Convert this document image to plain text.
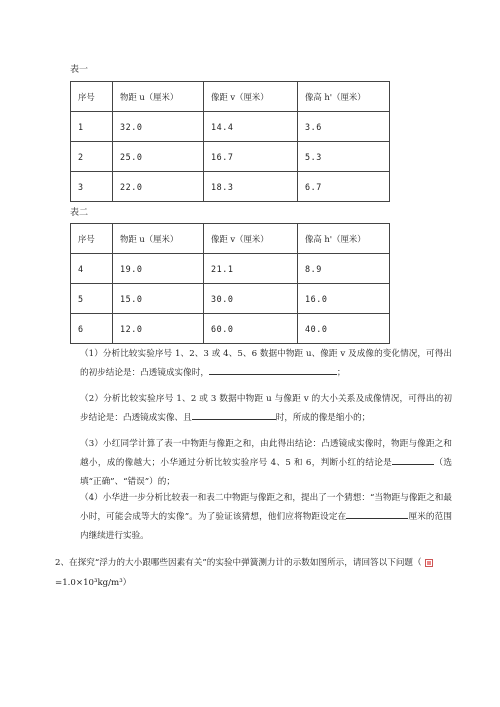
表一
序号	物距 u（厘米）	像距 v（厘米）	像高 h'（厘米）
1	32.0	14.4	3.6
2	25.0	16.7	5.3
3	22.0	18.3	6.7
表二
序号	物距 u（厘米）	像距 v（厘米）	像高 h'（厘米）
4	19.0	21.1	8.9
5	15.0	30.0	16.0
6	12.0	60.0	40.0
（1）分析比较实验序号 1、2、3 或 4、5、6 数据中物距 u、像距 v 及成像的变化情况，可得出的初步结论是：凸透镜成实像时，	；
（2）分析比较实验序号 1、2 或 3 数据中物距 u 与像距 v 的大小关系及成像情况，可得出的初步结论是：凸透镜成实像、且	时，所成的像是缩小的；
（3）小红同学计算了表一中物距与像距之和，由此得出结论：凸透镜成实像时，物距与像距之和越小，成的像越大；小华通过分析比较实验序号 4、5 和 6，判断小红的结论是	（选填“正确”、“错误”）的；
（4）小华进一步分析比较表一和表二中物距与像距之和，提出了一个猜想：“当物距与像距之和最小时，可能会成等大的实像”。为了验证该猜想，他们应将物距设定在	厘米的范围内继续进行实验。
2、在探究“浮力的大小跟哪些因素有关”的实验中弹簧测力计的示数如图所示，请回答以下问题（
=1.0×10³kg/m³）
